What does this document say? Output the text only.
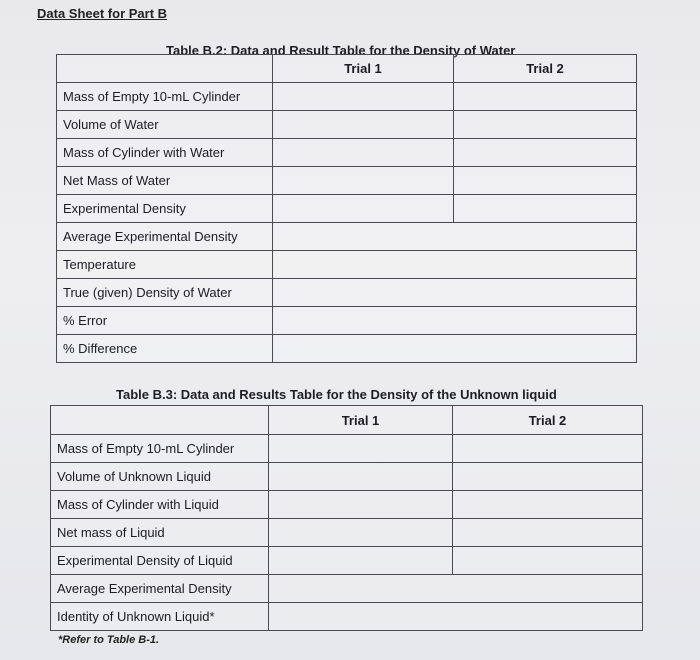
Data Sheet for Part B
Table B.2: Data and Result Table for the Density of Water
	Trial 1	Trial 2
Mass of Empty 10-mL Cylinder		
Volume of Water		
Mass of Cylinder with Water		
Net Mass of Water		
Experimental Density		
Average Experimental Density		
Temperature		
True (given) Density of Water		
% Error		
% Difference		
Table B.3: Data and Results Table for the Density of the Unknown liquid
	Trial 1	Trial 2
Mass of Empty 10-mL Cylinder		
Volume of Unknown Liquid		
Mass of Cylinder with Liquid		
Net mass of Liquid		
Experimental Density of Liquid		
Average Experimental Density		
Identity of Unknown Liquid*		
*Refer to Table B-1.
